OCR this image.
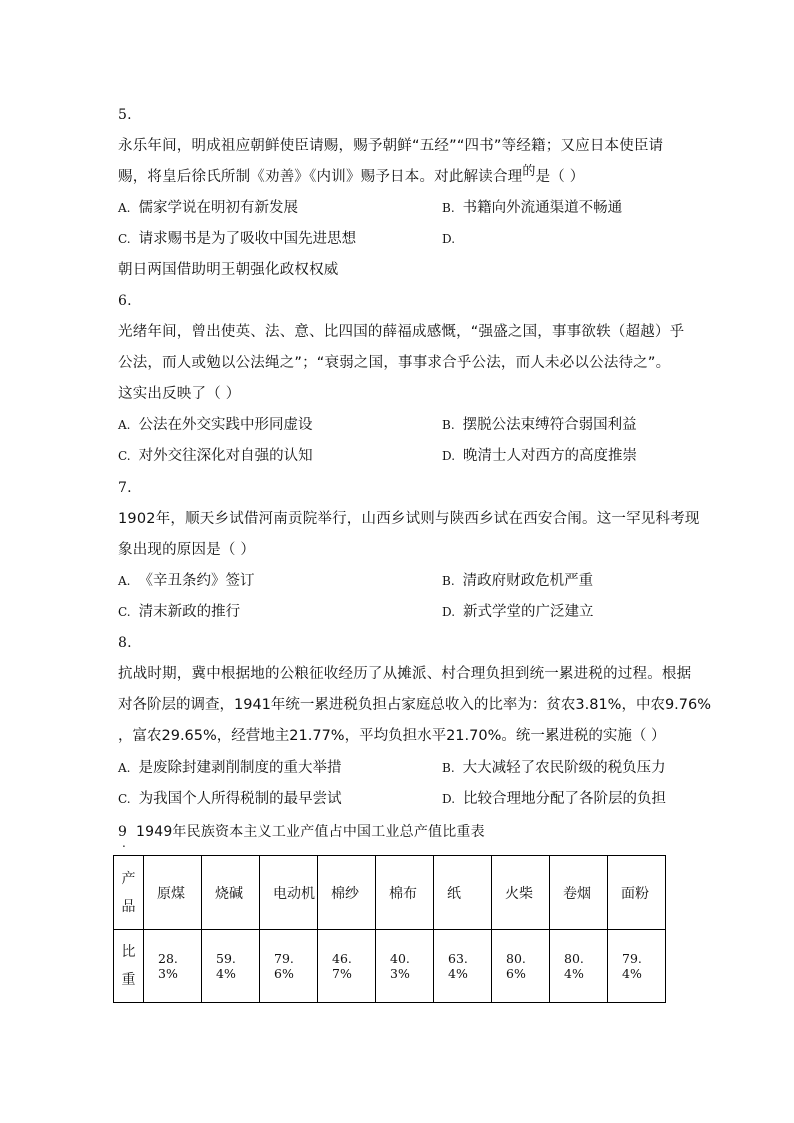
5.
永乐年间，明成祖应朝鲜使臣请赐，赐予朝鲜“五经”“四书”等经籍；又应日本使臣请
赐，将皇后徐氏所制《劝善》《内训》赐予日本。对此解读合理的是（ ）
A. 儒家学说在明初有新发展	B. 书籍向外流通渠道不畅通
C. 请求赐书是为了吸收中国先进思想	D.
朝日两国借助明王朝强化政权权威
6.
光绪年间，曾出使英、法、意、比四国的薛福成感慨，“强盛之国，事事欲轶（超越）乎
公法，而人或勉以公法绳之”；“衰弱之国，事事求合乎公法，而人未必以公法待之”。
这实出反映了（ ）
A. 公法在外交实践中形同虚设	B. 摆脱公法束缚符合弱国利益
C. 对外交往深化对自强的认知	D. 晚清士人对西方的高度推崇
7.
1902年，顺天乡试借河南贡院举行，山西乡试则与陕西乡试在西安合闱。这一罕见科考现
象出现的原因是（ ）
A. 《辛丑条约》签订	B. 清政府财政危机严重
C. 清末新政的推行	D. 新式学堂的广泛建立
8.
抗战时期，冀中根据地的公粮征收经历了从摊派、村合理负担到统一累进税的过程。根据
对各阶层的调查，1941年统一累进税负担占家庭总收入的比率为：贫农3.81%，中农9.76%
，富农29.65%，经营地主21.77%，平均负担水平21.70%。统一累进税的实施（ ）
A. 是废除封建剥削制度的重大举措	B. 大大减轻了农民阶级的税负压力
C. 为我国个人所得税制的最早尝试	D. 比较合理地分配了各阶层的负担
9
.
1949年民族资本主义工业产值占中国工业总产值比重表
产品	原煤	烧碱	电动机	棉纱	棉布	纸	火柴	卷烟	面粉

比重	28. 3%	59. 4%	79. 6%	46. 7%	40. 3%	63. 4%	80. 6%	80. 4%	79. 4%
